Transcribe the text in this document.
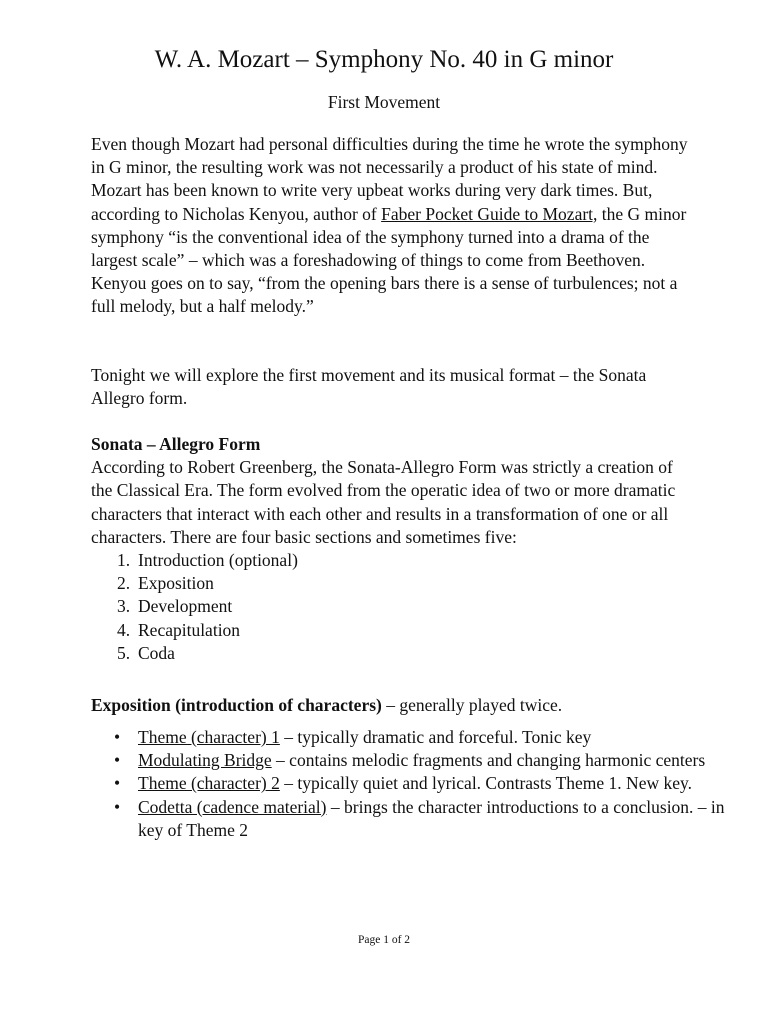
W. A. Mozart – Symphony No. 40 in G minor
First Movement
Even though Mozart had personal difficulties during the time he wrote the symphony in G minor, the resulting work was not necessarily a product of his state of mind. Mozart has been known to write very upbeat works during very dark times. But, according to Nicholas Kenyou, author of Faber Pocket Guide to Mozart, the G minor symphony “is the conventional idea of the symphony turned into a drama of the largest scale” – which was a foreshadowing of things to come from Beethoven. Kenyou goes on to say, “from the opening bars there is a sense of turbulences; not a full melody, but a half melody.”
Tonight we will explore the first movement and its musical format – the Sonata Allegro form.
Sonata – Allegro Form
According to Robert Greenberg, the Sonata-Allegro Form was strictly a creation of the Classical Era. The form evolved from the operatic idea of two or more dramatic characters that interact with each other and results in a transformation of one or all characters. There are four basic sections and sometimes five:
1. Introduction (optional)
2. Exposition
3. Development
4. Recapitulation
5. Coda
Exposition (introduction of characters) – generally played twice.
• Theme (character) 1 – typically dramatic and forceful. Tonic key
• Modulating Bridge – contains melodic fragments and changing harmonic centers
• Theme (character) 2 – typically quiet and lyrical. Contrasts Theme 1. New key.
• Codetta (cadence material) – brings the character introductions to a conclusion. – in key of Theme 2
Page 1 of 2
